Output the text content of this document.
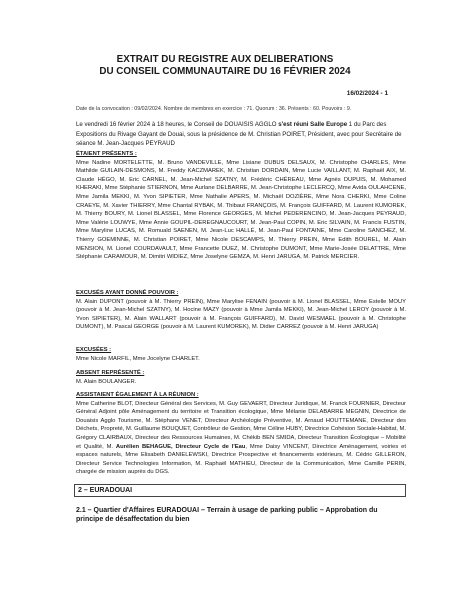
EXTRAIT DU REGISTRE AUX DELIBERATIONS
DU CONSEIL COMMUNAUTAIRE DU 16 FÉVRIER 2024

16/02/2024 - 1
Date de la convocation : 09/02/2024. Nombre de membres en exercice : 71. Quorum : 36. Présents : 60. Pouvoirs : 9.

Le vendredi 16 février 2024 à 18 heures, le Conseil de DOUAISIS AGGLO s'est réuni Salle Europe 1 du Parc des Expositions du Rivage Gayant de Douai, sous la présidence de M. Christian POIRET, Président, avec pour Secrétaire de séance M. Jean-Jacques PEYRAUD

ÉTAIENT PRÉSENTS :
Mme Nadine MORTELETTE, M. Bruno VANDEVILLE, Mme Lisiane DUBUS DELSAUX, M. Christophe CHARLES, Mme Mathilde GUILAIN-DESMONS, M. Freddy KACZMAREK, M. Christian DORDAIN, Mme Lucie VAILLANT, M. Raphaël AIX, M. Claude HÉGO, M. Eric CARNEL, M. Jean-Michel SZATNY, M. Frédéric CHÉREAU, Mme Agnès DUPUIS, M. Mohamed KHERAKI, Mme Stéphanie STIERNON, Mme Aurlane DELBARRE, M. Jean-Christophe LECLERCQ, Mme Avida OULAHCENE, Mme Jamila MEKKI, M. Yvon SIPIETER, Mme Nathalie APERS, M. Michaël DOZIÈRE, Mme Nora CHERKI, Mme Coline CRAEYE, M. Xavier THIERRY, Mme Chantal RYBAK, M. Thibaut FRANÇOIS, M. François GUIFFARD, M. Laurent KUMOREK, M. Thierry BOURY, M. Lionel BLASSEL, Mme Florence GEORGES, M. Michel PEDERENCINO, M. Jean-Jacques PEYRAUD, Mme Valérie LOUWYE, Mme Annie GOUPIL-DEREGNAUCOURT, M. Jean-Paul COPIN, M. Eric SILVAIN, M. Francis FUSTIN, Mme Maryline LUCAS, M. Romuald SAENEN, M. Jean-Luc HALLÉ, M. Jean-Paul FONTAINE, Mme Caroline SANCHEZ, M. Thierry GOEMINNE, M. Christian POIRET, Mme Nicole DESCAMPS, M. Thierry PREIN, Mme Edith BOUREL, M. Alain MENSION, M. Lionel COURDAVAULT, Mme Francette DUEZ, M. Christophe DUMONT, Mme Marie-Josée DELATTRE, Mme Stéphanie CARAMOUR, M. Dimitri WIDIEZ, Mme Joselyne GEMZA, M. Henri JARUGA, M. Patrick MERCIER.
EXCUSÉS AYANT DONNÉ POUVOIR :
M. Alain DUPONT (pouvoir à M. Thierry PREIN), Mme Marylise FENAIN (pouvoir à M. Lionel BLASSEL, Mme Estelle MOUY (pouvoir à M. Jean-Michel SZATNY), M. Hocine MAZY (pouvoir à Mme Jamila MEKKI), M. Jean-Michel LEROY (pouvoir à M. Yvon SIPIETER), M. Alain WALLART (pouvoir à M. François GUIFFARD), M. David WESMAEL (pouvoir à M. Christophe DUMONT), M. Pascal GEORGE (pouvoir à M. Laurent KUMOREK), M. Didier CARREZ (pouvoir à M. Henri JARUGA)
EXCUSÉES :
Mme Nicole MARFIL, Mme Jocelyne CHARLET.
ABSENT REPRÉSENTÉ :
M. Alain BOULANGER.
ASSISTAIENT ÉGALEMENT À LA RÉUNION :
Mme Catherine BLOT, Directeur Général des Services, M. Guy GEVAERT, Directeur Juridique, M. Franck FOURNIER, Directeur Général Adjoint pôle Aménagement du territoire et Transition écologique, Mme Mélanie DELABARRE MEGNIN, Directrice de Douaisis Agglo Tourisme, M. Stéphane VENET, Directeur Archéologie Préventive, M. Arnaud HOUTTEMANE, Directeur des Déchets, Propreté, M. Guillaume BOUQUET, Contrôleur de Gestion, Mme Céline HUBY, Directrice Cohésion Sociale-Habitat, M. Grégory CLAIRBAUX, Directeur des Ressources Humaines, M. Chékib BEN SMIDA, Directeur Transition Écologique – Mobilité et Qualité, M. Aurélien BEHAGUE, Directeur Cycle de l'Eau, Mme Daisy VINCENT, Directrice Aménagement, voiries et espaces naturels, Mme Elisabeth DANIELEWSKI, Directrice Prospective et financements extérieurs, M. Cédric GILLERON, Directeur Service Technologies Information, M. Raphaël MATHIEU, Directeur de la Communication, Mme Camille PERIN, chargée de mission auprès du DGS.
2 – EURADOUAI

2.1 – Quartier d'Affaires EURADOUAI – Terrain à usage de parking public – Approbation du principe de désaffectation du bien
